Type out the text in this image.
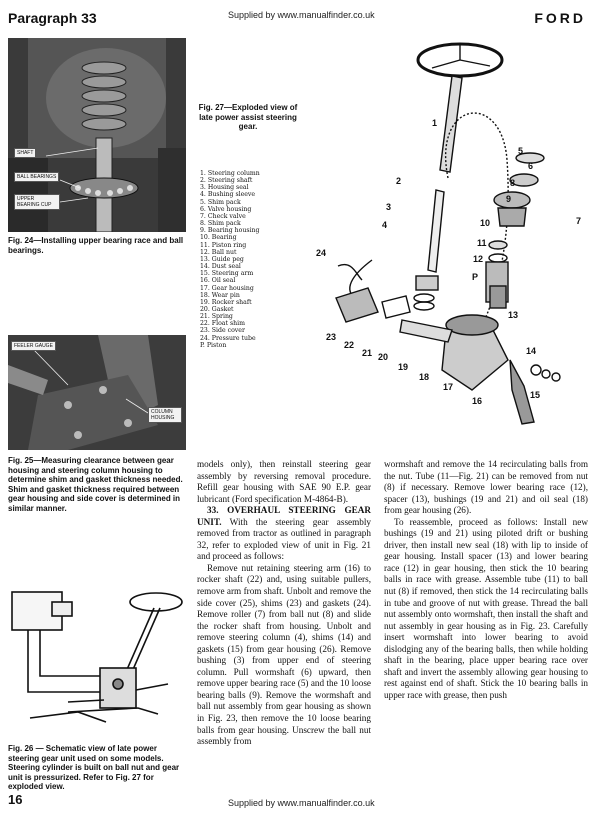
Paragraph 33	Supplied by www.manualfinder.co.uk	FORD
SHAFT
BALL BEARINGS
UPPER BEARING CUP
Fig. 24—Installing upper bearing race and ball bearings.
Fig. 27—Exploded view of late power assist steering gear.
1. Steering column
2. Steering shaft
3. Housing seal
4. Bushing sleeve
5. Shim pack
6. Valve housing
7. Check valve
8. Shim pack
9. Bearing housing
10. Bearing
11. Piston ring
12. Ball nut
13. Guide peg
14. Dust seal
15. Steering arm
16. Oil seal
17. Gear housing
18. Wear pin
19. Rocker shaft
20. Gasket
21. Spring
22. Float shim
23. Side cover
24. Pressure tube
P. Piston
1
2
3
4
5
6
7
8
9
10
11
12
13
14
15
16
17
18
19
20
21
22
23
24
P
FEELER GAUGE
COLUMN HOUSING
Fig. 25—Measuring clearance between gear housing and steering column housing to determine shim and gasket thickness needed. Shim and gasket thickness required between gear housing and side cover is determined in similar manner.
Fig. 26 — Schematic view of late power steering gear unit used on some models. Steering cylinder is built on ball nut and gear unit is pressurized. Refer to Fig. 27 for exploded view.

models only), then reinstall steering gear assembly by reversing removal procedure. Refill gear housing with SAE 90 E.P. gear lubricant (Ford specification M-4864-B).

33. OVERHAUL STEERING GEAR UNIT. With the steering gear assembly removed from tractor as outlined in paragraph 32, refer to exploded view of unit in Fig. 21 and proceed as follows:

Remove nut retaining steering arm (16) to rocker shaft (22) and, using suitable pullers, remove arm from shaft. Unbolt and remove the side cover (25), shims (23) and gaskets (24). Remove roller (7) from ball nut (8) and slide the rocker shaft from housing. Unbolt and remove steering column (4), shims (14) and gaskets (15) from gear housing (26). Remove bushing (3) from upper end of steering column. Pull wormshaft (6) upward, then remove upper bearing race (5) and the 10 loose bearing balls (9). Remove the wormshaft and ball nut assembly from gear housing as shown in Fig. 23, then remove the 10 loose bearing balls from gear housing. Unscrew the ball nut assembly from

wormshaft and remove the 14 recirculating balls from the nut. Tube (11—Fig. 21) can be removed from nut (8) if necessary. Remove lower bearing race (12), spacer (13), bushings (19 and 21) and oil seal (18) from gear housing (26).

To reassemble, proceed as follows: Install new bushings (19 and 21) using piloted drift or bushing driver, then install new seal (18) with lip to inside of gear housing. Install spacer (13) and lower bearing race (12) in gear housing, then stick the 10 bearing balls in race with grease. Assemble tube (11) to ball nut (8) if removed, then stick the 14 recirculating balls in tube and groove of nut with grease. Thread the ball nut assembly onto wormshaft, then install the shaft and nut assembly in gear housing as in Fig. 23. Carefully insert wormshaft into lower bearing to avoid dislodging any of the bearing balls, then while holding shaft in the bearing, place upper bearing race over shaft and invert the assembly allowing gear housing to rest against end of shaft. Stick the 10 bearing balls in upper race with grease, then push

16	Supplied by www.manualfinder.co.uk
